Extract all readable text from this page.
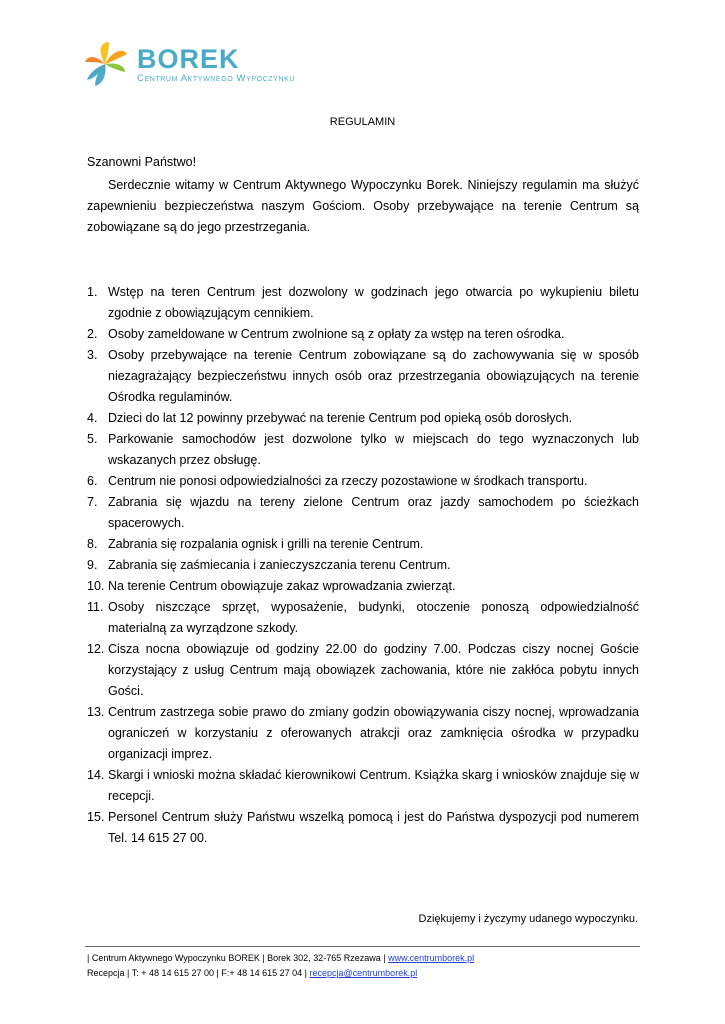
BOREK
Centrum Aktywnego Wypoczynku
REGULAMIN
Szanowni Państwo!

Serdecznie witamy w Centrum Aktywnego Wypoczynku Borek. Niniejszy regulamin ma służyć zapewnieniu bezpieczeństwa naszym Gościom. Osoby przebywające na terenie Centrum są zobowiązane są do jego przestrzegania.

1. Wstęp na teren Centrum jest dozwolony w godzinach jego otwarcia po wykupieniu biletu zgodnie z obowiązującym cennikiem.
2. Osoby zameldowane w Centrum zwolnione są z opłaty za wstęp na teren ośrodka.
3. Osoby przebywające na terenie Centrum zobowiązane są do zachowywania się w sposób niezagrażający bezpieczeństwu innych osób oraz przestrzegania obowiązujących na terenie Ośrodka regulaminów.
4. Dzieci do lat 12 powinny przebywać na terenie Centrum pod opieką osób dorosłych.
5. Parkowanie samochodów jest dozwolone tylko w miejscach do tego wyznaczonych lub wskazanych przez obsługę.
6. Centrum nie ponosi odpowiedzialności za rzeczy pozostawione w środkach transportu.
7. Zabrania się wjazdu na tereny zielone Centrum oraz jazdy samochodem po ścieżkach spacerowych.
8. Zabrania się rozpalania ognisk i grilli na terenie Centrum.
9. Zabrania się zaśmiecania i zanieczyszczania terenu Centrum.
10. Na terenie Centrum obowiązuje zakaz wprowadzania zwierząt.
11. Osoby niszczące sprzęt, wyposażenie, budynki, otoczenie ponoszą odpowiedzialność materialną za wyrządzone szkody.
12. Cisza nocna obowiązuje od godziny 22.00 do godziny 7.00. Podczas ciszy nocnej Goście korzystający z usług Centrum mają obowiązek zachowania, które nie zakłóca pobytu innych Gości.
13. Centrum zastrzega sobie prawo do zmiany godzin obowiązywania ciszy nocnej, wprowadzania ograniczeń w korzystaniu z oferowanych atrakcji oraz zamknięcia ośrodka w przypadku organizacji imprez.
14. Skargi i wnioski można składać kierownikowi Centrum. Książka skarg i wniosków znajduje się w recepcji.
15. Personel Centrum służy Państwu wszelką pomocą i jest do Państwa dyspozycji pod numerem Tel. 14 615 27 00.
Dziękujemy i życzymy udanego wypoczynku.
| Centrum Aktywnego Wypoczynku BOREK | Borek 302, 32-765 Rzezawa | www.centrumborek.pl
Recepcja | T: + 48 14 615 27 00 | F:+ 48 14 615 27 04 | recepcja@centrumborek.pl
